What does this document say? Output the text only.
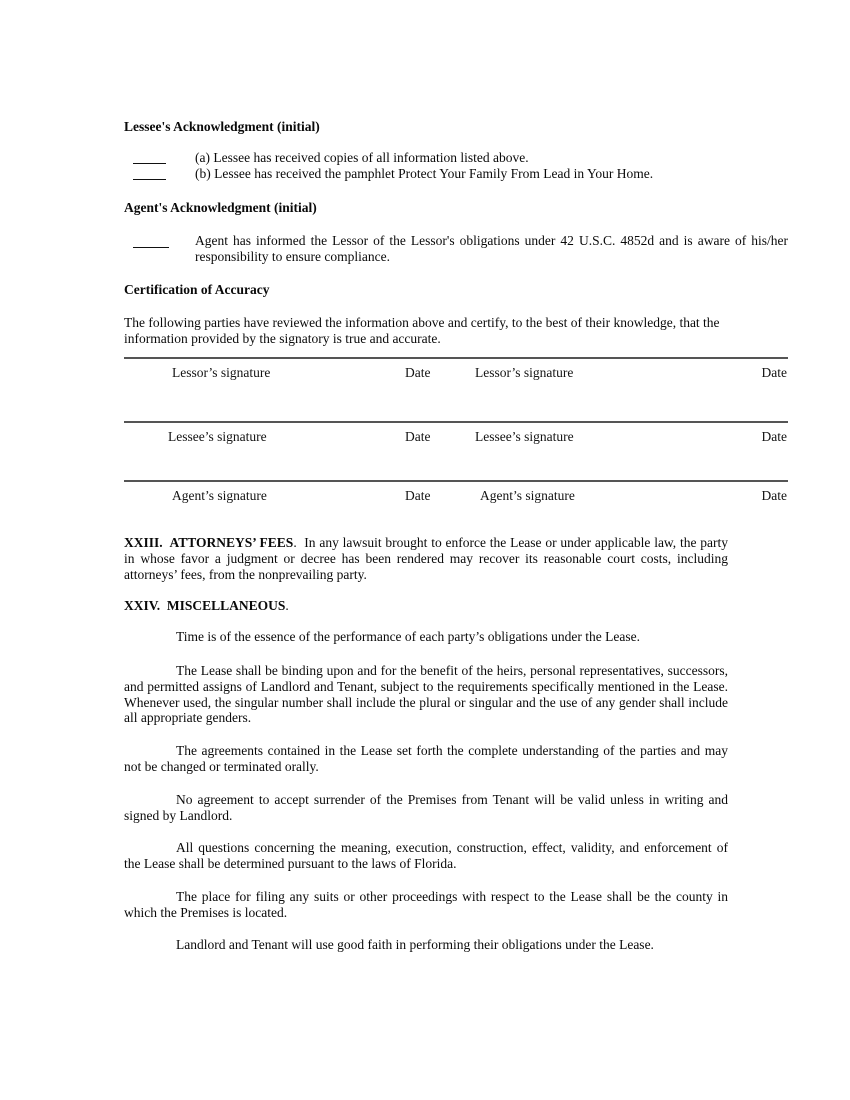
Lessee's Acknowledgment (initial)
(a) Lessee has received copies of all information listed above.
(b) Lessee has received the pamphlet Protect Your Family From Lead in Your Home.
Agent's Acknowledgment (initial)
Agent has informed the Lessor of the Lessor's obligations under 42 U.S.C. 4852d and is aware of his/her responsibility to ensure compliance.
Certification of Accuracy
The following parties have reviewed the information above and certify, to the best of their knowledge, that the information provided by the signatory is true and accurate.
Lessor’s signature	Date	Lessor’s signature	Date
Lessee’s signature	Date	Lessee’s signature	Date
Agent’s signature	Date	Agent’s signature	Date

XXIII.  ATTORNEYS’ FEES.  In any lawsuit brought to enforce the Lease or under applicable law, the party in whose favor a judgment or decree has been rendered may recover its reasonable court costs, including attorneys’ fees, from the nonprevailing party.

XXIV.  MISCELLANEOUS.

Time is of the essence of the performance of each party’s obligations under the Lease.

The Lease shall be binding upon and for the benefit of the heirs, personal representatives, successors, and permitted assigns of Landlord and Tenant, subject to the requirements specifically mentioned in the Lease. Whenever used, the singular number shall include the plural or singular and the use of any gender shall include all appropriate genders.

The agreements contained in the Lease set forth the complete understanding of the parties and may not be changed or terminated orally.

No agreement to accept surrender of the Premises from Tenant will be valid unless in writing and signed by Landlord.

All questions concerning the meaning, execution, construction, effect, validity, and enforcement of the Lease shall be determined pursuant to the laws of Florida.

The place for filing any suits or other proceedings with respect to the Lease shall be the county in which the Premises is located.

Landlord and Tenant will use good faith in performing their obligations under the Lease.
